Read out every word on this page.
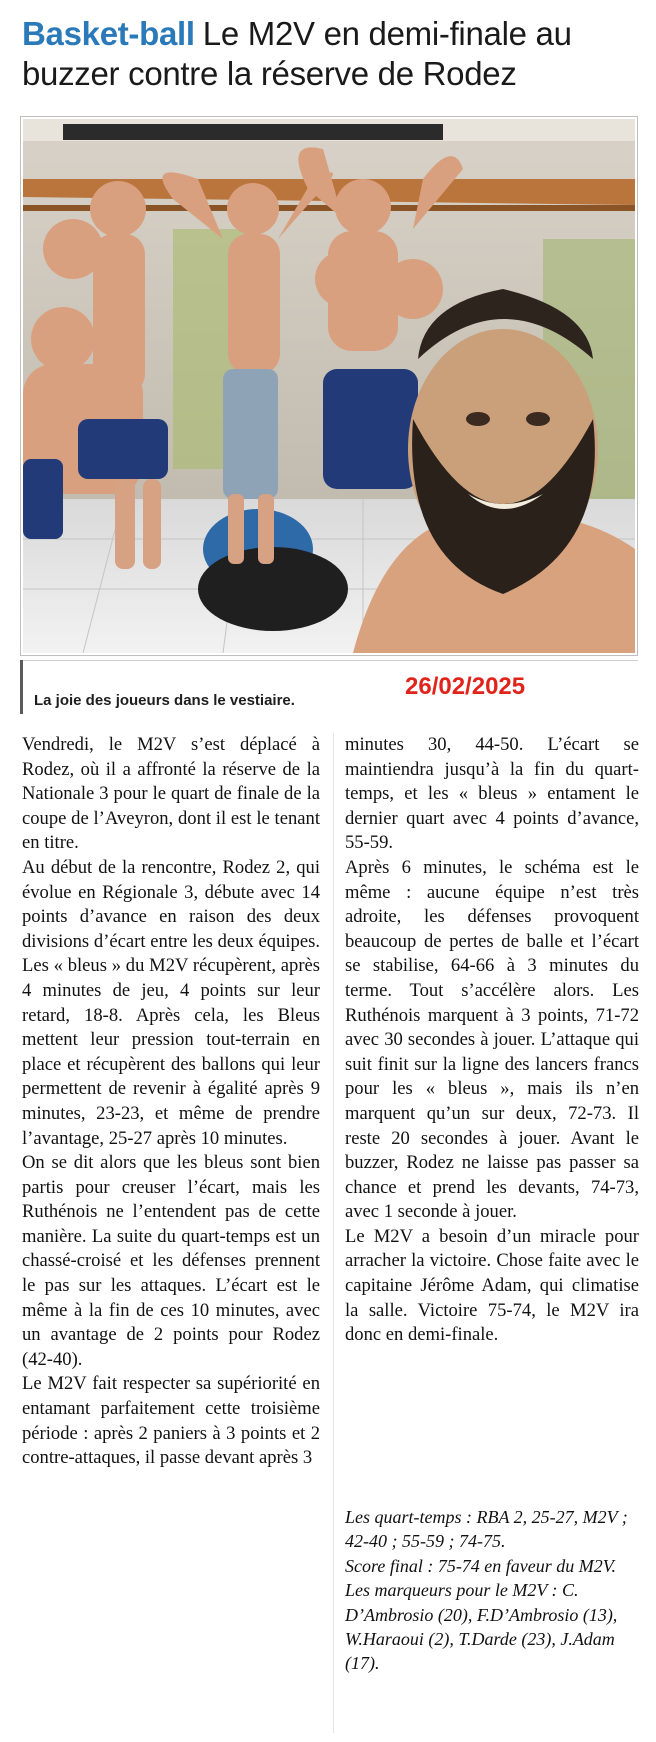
Basket-ball Le M2V en demi-finale au buzzer contre la réserve de Rodez
La joie des joueurs dans le vestiaire.
26/02/2025

Vendredi, le M2V s’est déplacé à Rodez, où il a affronté la réserve de la Nationale 3 pour le quart de finale de la coupe de l’Aveyron, dont il est le tenant en titre.

Au début de la rencontre, Rodez 2, qui évolue en Régionale 3, débute avec 14 points d’avance en raison des deux divisions d’écart entre les deux équipes. Les « bleus » du M2V récupèrent, après 4 minutes de jeu, 4 points sur leur retard, 18-8. Après cela, les Bleus mettent leur pression tout-terrain en place et récupèrent des ballons qui leur permettent de revenir à égalité après 9 minutes, 23-23, et même de prendre l’avantage, 25-27 après 10 minutes.

On se dit alors que les bleus sont bien partis pour creuser l’écart, mais les Ruthénois ne l’entendent pas de cette manière. La suite du quart-temps est un chassé-croisé et les défenses prennent le pas sur les attaques. L’écart est le même à la fin de ces 10 minutes, avec un avantage de 2 points pour Rodez (42-40).

Le M2V fait respecter sa supériorité en entamant parfaitement cette troisième période : après 2 paniers à 3 points et 2 contre-attaques, il passe devant après 3

minutes 30, 44-50. L’écart se maintiendra jusqu’à la fin du quart-temps, et les « bleus » entament le dernier quart avec 4 points d’avance, 55-59.

Après 6 minutes, le schéma est le même : aucune équipe n’est très adroite, les défenses provoquent beaucoup de pertes de balle et l’écart se stabilise, 64-66 à 3 minutes du terme. Tout s’accélère alors. Les Ruthénois marquent à 3 points, 71-72 avec 30 secondes à jouer. L’attaque qui suit finit sur la ligne des lancers francs pour les « bleus », mais ils n’en marquent qu’un sur deux, 72-73. Il reste 20 secondes à jouer. Avant le buzzer, Rodez ne laisse pas passer sa chance et prend les devants, 74-73, avec 1 seconde à jouer.

Le M2V a besoin d’un miracle pour arracher la victoire. Chose faite avec le capitaine Jérôme Adam, qui climatise la salle. Victoire 75-74, le M2V ira donc en demi-finale.

Les quart-temps : RBA 2, 25-27, M2V ; 42-40 ; 55-59 ; 74-75.
Score final : 75-74 en faveur du M2V.
Les marqueurs pour le M2V : C. D’Ambrosio (20), F.D’Ambrosio (13), W.Haraoui (2), T.Darde (23), J.Adam (17).
